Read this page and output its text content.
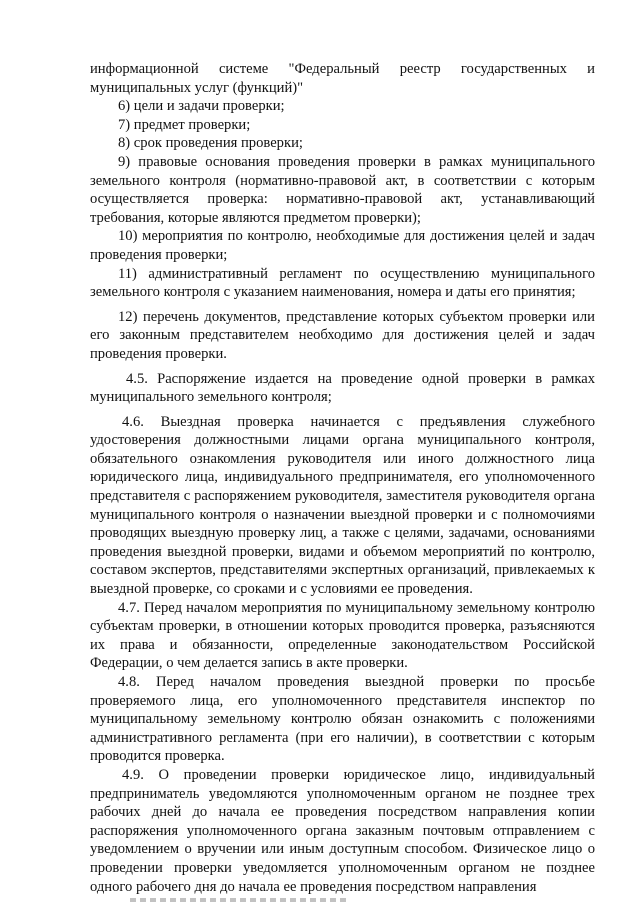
информационной системе "Федеральный реестр государственных и муниципальных услуг (функций)"

6) цели и задачи проверки;

7) предмет проверки;

8) срок проведения проверки;

9) правовые основания проведения проверки в рамках муниципального земельного контроля (нормативно-правовой акт, в соответствии с которым осуществляется проверка: нормативно-правовой акт, устанавливающий требования, которые являются предметом проверки);

10) мероприятия по контролю, необходимые для достижения целей и задач проведения проверки;

11) административный регламент по осуществлению муниципального земельного контроля с указанием наименования, номера и даты его принятия;

12) перечень документов, представление которых субъектом проверки или его законным представителем необходимо для достижения целей и задач проведения проверки.

4.5. Распоряжение издается на проведение одной проверки в рамках муниципального земельного контроля;

4.6. Выездная проверка начинается с предъявления служебного удостоверения должностными лицами органа муниципального контроля, обязательного ознакомления руководителя или иного должностного лица юридического лица, индивидуального предпринимателя, его уполномоченного представителя с распоряжением руководителя, заместителя руководителя органа муниципального контроля о назначении выездной проверки и с полномочиями проводящих выездную проверку лиц, а также с целями, задачами, основаниями проведения выездной проверки, видами и объемом мероприятий по контролю, составом экспертов, представителями экспертных организаций, привлекаемых к выездной проверке, со сроками и с условиями ее проведения.

4.7. Перед началом мероприятия по муниципальному земельному контролю субъектам проверки, в отношении которых проводится проверка, разъясняются их права и обязанности, определенные законодательством Российской Федерации, о чем делается запись в акте проверки.

4.8. Перед началом проведения выездной проверки по просьбе проверяемого лица, его уполномоченного представителя инспектор по муниципальному земельному контролю обязан ознакомить с положениями административного регламента (при его наличии), в соответствии с которым проводится проверка.

4.9. О проведении проверки юридическое лицо, индивидуальный предприниматель уведомляются уполномоченным органом не позднее трех рабочих дней до начала ее проведения посредством направления копии распоряжения уполномоченного органа заказным почтовым отправлением с уведомлением о вручении или иным доступным способом. Физическое лицо о проведении проверки уведомляется уполномоченным органом не позднее одного рабочего дня до начала ее проведения посредством направления
